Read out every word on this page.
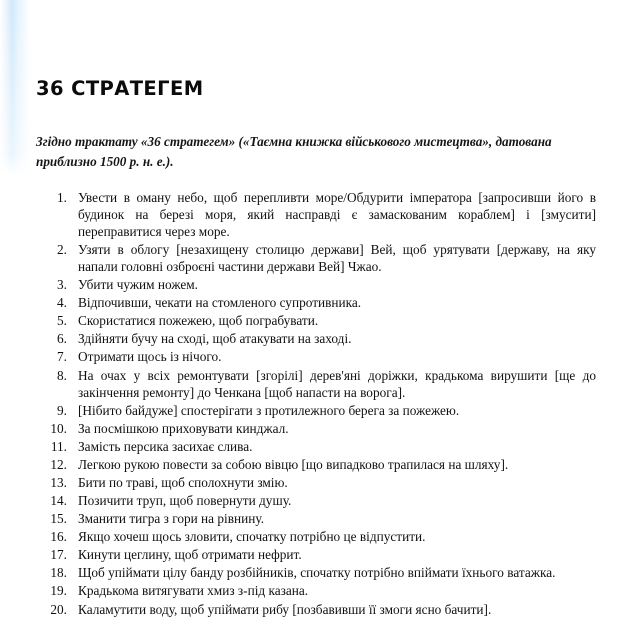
36 СТРАТЕГЕМ

Згідно трактату «36 стратегем» («Таємна книжка військового мистецтва», датована приблизно 1500 р. н. е.).

Увести в оману небо, щоб перепливти море/Обдурити імператора [запросивши його в будинок на березі моря, який насправді є замаскованим кораблем] і [змусити] переправитися через море.
Узяти в облогу [незахищену столицю держави] Вей, щоб урятувати [державу, на яку напали головні озброєні частини держави Вей] Чжао.
Убити чужим ножем.
Відпочивши, чекати на стомленого супротивника.
Скористатися пожежею, щоб пограбувати.
Здійняти бучу на сході, щоб атакувати на заході.
Отримати щось із нічого.
На очах у всіх ремонтувати [згорілі] дерев'яні доріжки, крадькома вирушити [ще до закінчення ремонту] до Ченкана [щоб напасти на ворога].
[Нібито байдуже] спостерігати з протилежного берега за пожежею.
За посмішкою приховувати кинджал.
Замість персика засихає слива.
Легкою рукою повести за собою вівцю [що випадково трапилася на шляху].
Бити по траві, щоб сполохнути змію.
Позичити труп, щоб повернути душу.
Зманити тигра з гори на рівнину.
Якщо хочеш щось зловити, спочатку потрібно це відпустити.
Кинути цеглину, щоб отримати нефрит.
Щоб упіймати цілу банду розбійників, спочатку потрібно впіймати їхнього ватажка.
Крадькома витягувати хмиз з-під казана.
Каламутити воду, щоб упіймати рибу [позбавивши її змоги ясно бачити].
